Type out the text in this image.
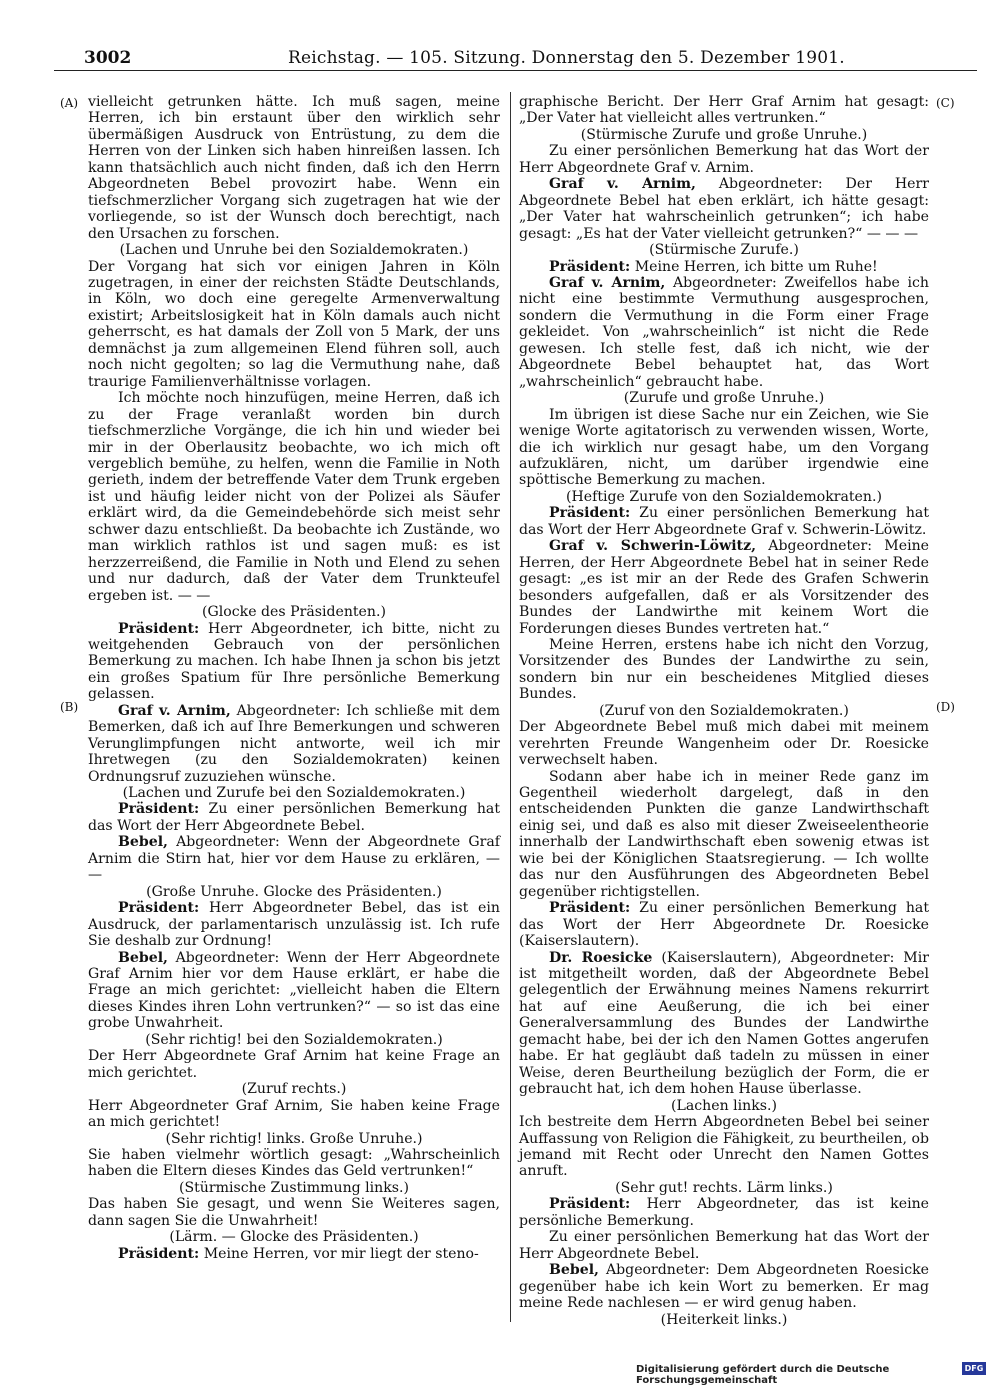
3002	Reichstag. — 105. Sitzung. Donnerstag den 5. Dezember 1901.
(A)
(B)
(C)
(D)

vielleicht getrunken hätte. Ich muß sagen, meine Herren, ich bin erstaunt über den wirklich sehr übermäßigen Ausdruck von Entrüstung, zu dem die Herren von der Linken sich haben hinreißen lassen. Ich kann thatsächlich auch nicht finden, daß ich den Herrn Abgeordneten Bebel provozirt habe. Wenn ein tiefschmerzlicher Vorgang sich zugetragen hat wie der vorliegende, so ist der Wunsch doch berechtigt, nach den Ursachen zu forschen.

(Lachen und Unruhe bei den Sozialdemokraten.)

Der Vorgang hat sich vor einigen Jahren in Köln zugetragen, in einer der reichsten Städte Deutschlands, in Köln, wo doch eine geregelte Armenverwaltung existirt; Arbeitslosigkeit hat in Köln damals auch nicht geherrscht, es hat damals der Zoll von 5 Mark, der uns demnächst ja zum allgemeinen Elend führen soll, auch noch nicht gegolten; so lag die Vermuthung nahe, daß traurige Familienverhältnisse vorlagen.

Ich möchte noch hinzufügen, meine Herren, daß ich zu der Frage veranlaßt worden bin durch tiefschmerzliche Vorgänge, die ich hin und wieder bei mir in der Oberlausitz beobachte, wo ich mich oft vergeblich bemühe, zu helfen, wenn die Familie in Noth gerieth, indem der betreffende Vater dem Trunk ergeben ist und häufig leider nicht von der Polizei als Säufer erklärt wird, da die Gemeindebehörde sich meist sehr schwer dazu entschließt. Da beobachte ich Zustände, wo man wirklich rathlos ist und sagen muß: es ist herzzerreißend, die Familie in Noth und Elend zu sehen und nur dadurch, daß der Vater dem Trunkteufel ergeben ist. — —

(Glocke des Präsidenten.)

Präsident: Herr Abgeordneter, ich bitte, nicht zu weitgehenden Gebrauch von der persönlichen Bemerkung zu machen. Ich habe Ihnen ja schon bis jetzt ein großes Spatium für Ihre persönliche Bemerkung gelassen.

Graf v. Arnim, Abgeordneter: Ich schließe mit dem Bemerken, daß ich auf Ihre Bemerkungen und schweren Verunglimpfungen nicht antworte, weil ich mir Ihretwegen (zu den Sozialdemokraten) keinen Ordnungsruf zuzuziehen wünsche.

(Lachen und Zurufe bei den Sozialdemokraten.)

Präsident: Zu einer persönlichen Bemerkung hat das Wort der Herr Abgeordnete Bebel.

Bebel, Abgeordneter: Wenn der Abgeordnete Graf Arnim die Stirn hat, hier vor dem Hause zu erklären, — —

(Große Unruhe. Glocke des Präsidenten.)

Präsident: Herr Abgeordneter Bebel, das ist ein Ausdruck, der parlamentarisch unzulässig ist. Ich rufe Sie deshalb zur Ordnung!

Bebel, Abgeordneter: Wenn der Herr Abgeordnete Graf Arnim hier vor dem Hause erklärt, er habe die Frage an mich gerichtet: „vielleicht haben die Eltern dieses Kindes ihren Lohn vertrunken?“ — so ist das eine grobe Unwahrheit.

(Sehr richtig! bei den Sozialdemokraten.)

Der Herr Abgeordnete Graf Arnim hat keine Frage an mich gerichtet.

(Zuruf rechts.)

Herr Abgeordneter Graf Arnim, Sie haben keine Frage an mich gerichtet!

(Sehr richtig! links. Große Unruhe.)

Sie haben vielmehr wörtlich gesagt: „Wahrscheinlich haben die Eltern dieses Kindes das Geld vertrunken!“

(Stürmische Zustimmung links.)

Das haben Sie gesagt, und wenn Sie Weiteres sagen, dann sagen Sie die Unwahrheit!

(Lärm. — Glocke des Präsidenten.)

Präsident: Meine Herren, vor mir liegt der steno-

graphische Bericht. Der Herr Graf Arnim hat gesagt: „Der Vater hat vielleicht alles vertrunken.“

(Stürmische Zurufe und große Unruhe.)

Zu einer persönlichen Bemerkung hat das Wort der Herr Abgeordnete Graf v. Arnim.

Graf v. Arnim, Abgeordneter: Der Herr Abgeordnete Bebel hat eben erklärt, ich hätte gesagt: „Der Vater hat wahrscheinlich getrunken“; ich habe gesagt: „Es hat der Vater vielleicht getrunken?“ — — —

(Stürmische Zurufe.)

Präsident: Meine Herren, ich bitte um Ruhe!

Graf v. Arnim, Abgeordneter: Zweifellos habe ich nicht eine bestimmte Vermuthung ausgesprochen, sondern die Vermuthung in die Form einer Frage gekleidet. Von „wahrscheinlich“ ist nicht die Rede gewesen. Ich stelle fest, daß ich nicht, wie der Abgeordnete Bebel behauptet hat, das Wort „wahrscheinlich“ gebraucht habe.

(Zurufe und große Unruhe.)

Im übrigen ist diese Sache nur ein Zeichen, wie Sie wenige Worte agitatorisch zu verwenden wissen, Worte, die ich wirklich nur gesagt habe, um den Vorgang aufzuklären, nicht, um darüber irgendwie eine spöttische Bemerkung zu machen.

(Heftige Zurufe von den Sozialdemokraten.)

Präsident: Zu einer persönlichen Bemerkung hat das Wort der Herr Abgeordnete Graf v. Schwerin-Löwitz.

Graf v. Schwerin-Löwitz, Abgeordneter: Meine Herren, der Herr Abgeordnete Bebel hat in seiner Rede gesagt: „es ist mir an der Rede des Grafen Schwerin besonders aufgefallen, daß er als Vorsitzender des Bundes der Landwirthe mit keinem Wort die Forderungen dieses Bundes vertreten hat.“

Meine Herren, erstens habe ich nicht den Vorzug, Vorsitzender des Bundes der Landwirthe zu sein, sondern bin nur ein bescheidenes Mitglied dieses Bundes.

(Zuruf von den Sozialdemokraten.)

Der Abgeordnete Bebel muß mich dabei mit meinem verehrten Freunde Wangenheim oder Dr. Roesicke verwechselt haben.

Sodann aber habe ich in meiner Rede ganz im Gegentheil wiederholt dargelegt, daß in den entscheidenden Punkten die ganze Landwirthschaft einig sei, und daß es also mit dieser Zweiseelentheorie innerhalb der Landwirthschaft eben sowenig etwas ist wie bei der Königlichen Staatsregierung. — Ich wollte das nur den Ausführungen des Abgeordneten Bebel gegenüber richtigstellen.

Präsident: Zu einer persönlichen Bemerkung hat das Wort der Herr Abgeordnete Dr. Roesicke (Kaiserslautern).

Dr. Roesicke (Kaiserslautern), Abgeordneter: Mir ist mitgetheilt worden, daß der Abgeordnete Bebel gelegentlich der Erwähnung meines Namens rekurrirt hat auf eine Aeußerung, die ich bei einer Generalversammlung des Bundes der Landwirthe gemacht habe, bei der ich den Namen Gottes angerufen habe. Er hat gegläubt daß tadeln zu müssen in einer Weise, deren Beurtheilung bezüglich der Form, die er gebraucht hat, ich dem hohen Hause überlasse.

(Lachen links.)

Ich bestreite dem Herrn Abgeordneten Bebel bei seiner Auffassung von Religion die Fähigkeit, zu beurtheilen, ob jemand mit Recht oder Unrecht den Namen Gottes anruft.

(Sehr gut! rechts. Lärm links.)

Präsident: Herr Abgeordneter, das ist keine persönliche Bemerkung.

Zu einer persönlichen Bemerkung hat das Wort der Herr Abgeordnete Bebel.

Bebel, Abgeordneter: Dem Abgeordneten Roesicke gegenüber habe ich kein Wort zu bemerken. Er mag meine Rede nachlesen — er wird genug haben.

(Heiterkeit links.)

Digitalisierung gefördert durch die Deutsche Forschungsgemeinschaft
DFG
